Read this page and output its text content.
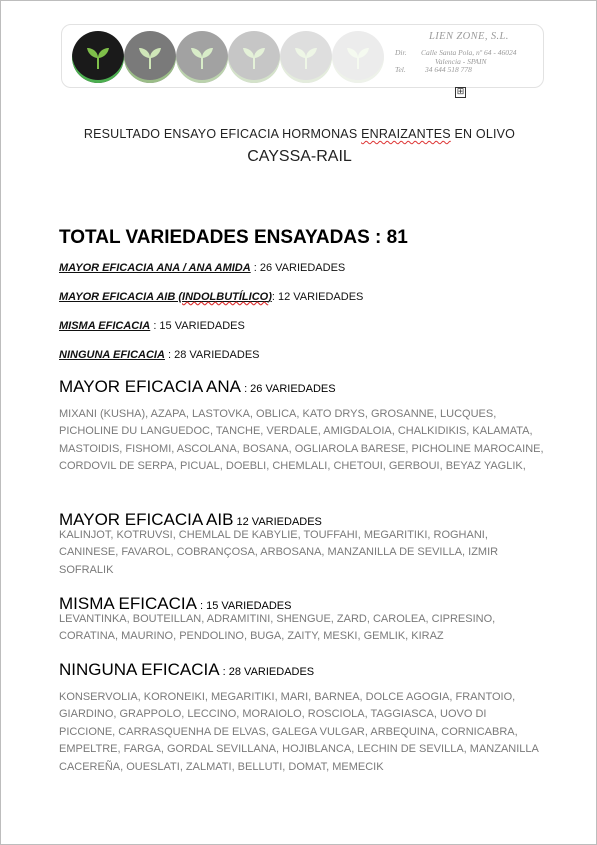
LIEN ZONE, S.L.
Dir.	Calle Santa Pola, nº 64 - 46024
Valencia - SPAIN
Tel.	34 644 518 778
⊞
RESULTADO ENSAYO EFICACIA HORMONAS ENRAIZANTES EN OLIVO
CAYSSA-RAIL
TOTAL VARIEDADES ENSAYADAS : 81
MAYOR EFICACIA ANA / ANA AMIDA : 26 VARIEDADES
MAYOR EFICACIA AIB (INDOLBUTÍLICO): 12 VARIEDADES
MISMA EFICACIA : 15 VARIEDADES
NINGUNA EFICACIA : 28 VARIEDADES
MAYOR EFICACIA ANA : 26 VARIEDADES
MIXANI (KUSHA), AZAPA, LASTOVKA, OBLICA, KATO DRYS, GROSANNE, LUCQUES, PICHOLINE DU LANGUEDOC, TANCHE, VERDALE, AMIGDALOIA, CHALKIDIKIS, KALAMATA, MASTOIDIS, FISHOMI, ASCOLANA, BOSANA, OGLIAROLA BARESE, PICHOLINE MAROCAINE, CORDOVIL DE SERPA, PICUAL, DOEBLI, CHEMLALI, CHETOUI, GERBOUI, BEYAZ YAGLIK,
MAYOR EFICACIA AIB 12 VARIEDADES
KALINJOT, KOTRUVSI, CHEMLAL DE KABYLIE, TOUFFAHI, MEGARITIKI, ROGHANI, CANINESE, FAVAROL, COBRANÇOSA, ARBOSANA, MANZANILLA DE SEVILLA, IZMIR SOFRALIK
MISMA EFICACIA : 15 VARIEDADES
LEVANTINKA, BOUTEILLAN, ADRAMITINI, SHENGUE, ZARD, CAROLEA, CIPRESINO, CORATINA, MAURINO, PENDOLINO, BUGA, ZAITY, MESKI, GEMLIK, KIRAZ
NINGUNA EFICACIA : 28 VARIEDADES
KONSERVOLIA, KORONEIKI, MEGARITIKI, MARI, BARNEA, DOLCE AGOGIA, FRANTOIO, GIARDINO, GRAPPOLO, LECCINO, MORAIOLO, ROSCIOLA, TAGGIASCA, UOVO DI PICCIONE, CARRASQUENHA DE ELVAS, GALEGA VULGAR, ARBEQUINA, CORNICABRA, EMPELTRE, FARGA, GORDAL SEVILLANA, HOJIBLANCA, LECHIN DE SEVILLA, MANZANILLA CACEREÑA, OUESLATI, ZALMATI, BELLUTI, DOMAT, MEMECIK
